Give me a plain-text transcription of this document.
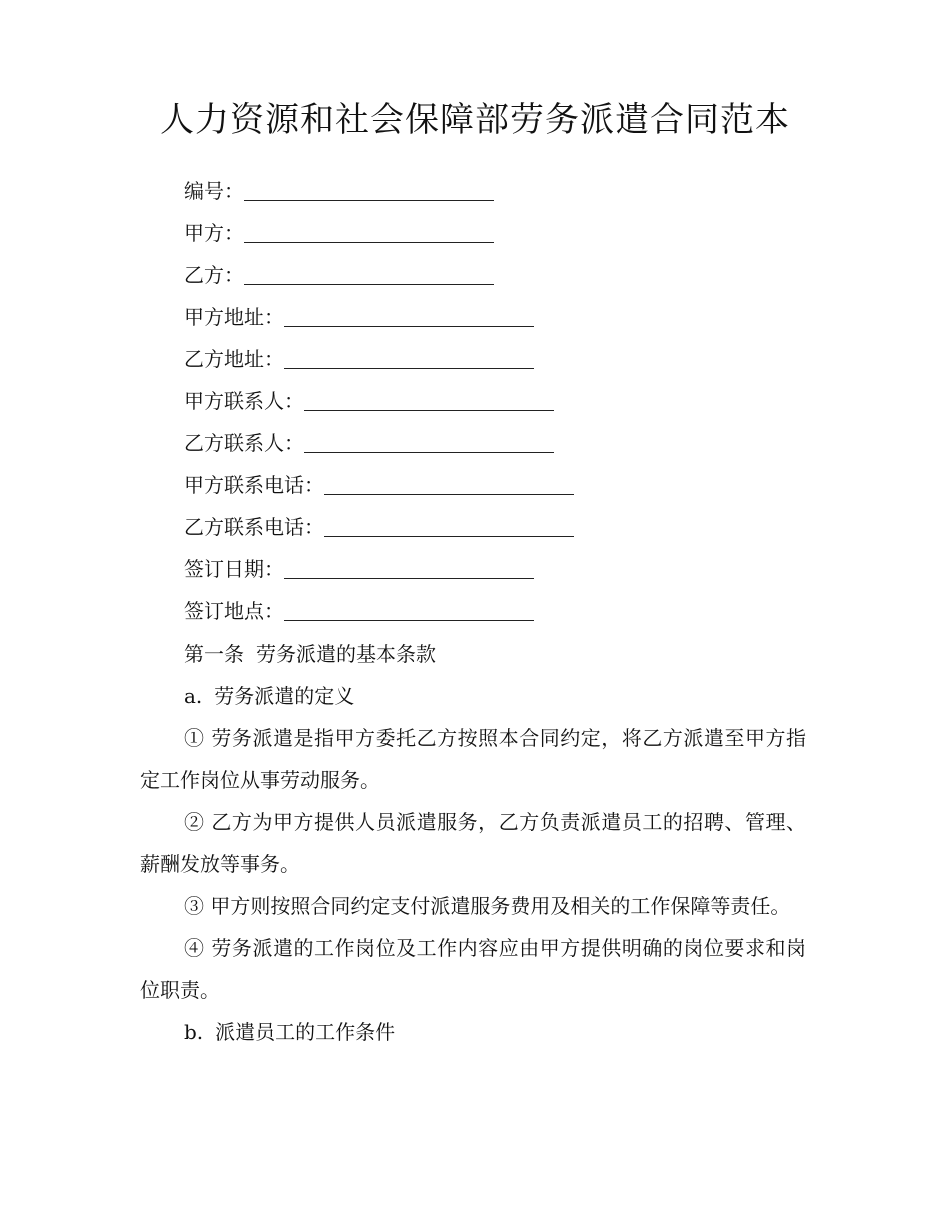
人力资源和社会保障部劳务派遣合同范本
编号：
甲方：
乙方：
甲方地址：
乙方地址：
甲方联系人：
乙方联系人：
甲方联系电话：
乙方联系电话：
签订日期：
签订地点：
第一条 劳务派遣的基本条款
a. 劳务派遣的定义

① 劳务派遣是指甲方委托乙方按照本合同约定，将乙方派遣至甲方指定工作岗位从事劳动服务。

② 乙方为甲方提供人员派遣服务，乙方负责派遣员工的招聘、管理、薪酬发放等事务。

③ 甲方则按照合同约定支付派遣服务费用及相关的工作保障等责任。

④ 劳务派遣的工作岗位及工作内容应由甲方提供明确的岗位要求和岗位职责。

b. 派遣员工的工作条件
